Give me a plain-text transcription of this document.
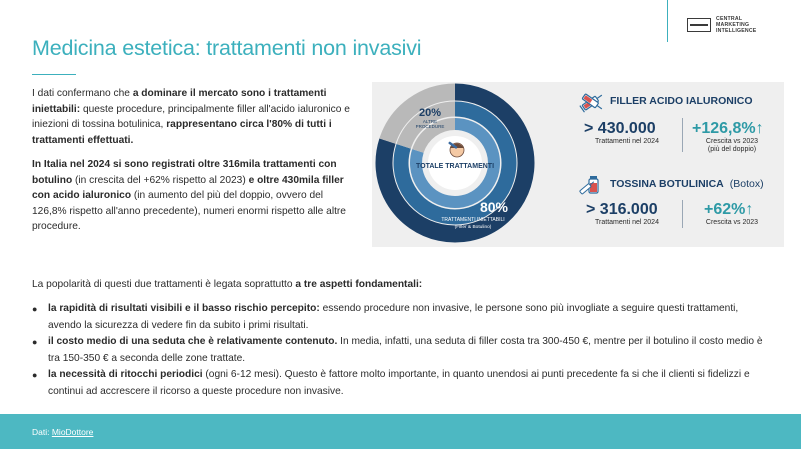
CENTRAL
MARKETING
INTELLIGENCE
Medicina estetica: trattamenti non invasivi

I dati confermano che a dominare il mercato sono i trattamenti iniettabili: queste procedure, principalmente filler all'acido ialuronico e iniezioni di tossina botulinica, rappresentano circa l'80% di tutti i trattamenti effettuati.

In Italia nel 2024 si sono registrati oltre 316mila trattamenti con botulino (in crescita del +62% rispetto al 2023) e oltre 430mila filler con acido ialuronico (in aumento del più del doppio, ovvero del 126,8% rispetto all'anno precedente), numeri enormi rispetto alle altre procedure.

TOTALE TRATTAMENTI
20%
ALTRE
PROCEDURE
80%
TRATTAMENTI INIETTABILI
(Filler & Botulino)
FILLER ACIDO IALURONICO
> 430.000
Trattamenti nel 2024
+126,8%↑
Crescita vs 2023
(più del doppio)
TOSSINA BOTULINICA (Botox)
> 316.000
Trattamenti nel 2024
+62%↑
Crescita vs 2023

La popolarità di questi due trattamenti è legata soprattutto a tre aspetti fondamentali:

● la rapidità di risultati visibili e il basso rischio percepito: essendo procedure non invasive, le persone sono più invogliate a seguire questi trattamenti, avendo la sicurezza di vedere fin da subito i primi risultati.
● il costo medio di una seduta che è relativamente contenuto. In media, infatti, una seduta di filler costa tra 300-450 €, mentre per il botulino il costo medio è tra 150-350 € a seconda delle zone trattate.
● la necessità di ritocchi periodici (ogni 6-12 mesi). Questo è fattore molto importante, in quanto unendosi ai punti precedente fa si che il clienti si fidelizzi e continui ad accrescere il ricorso a queste procedure non invasive.
Dati: MioDottore
